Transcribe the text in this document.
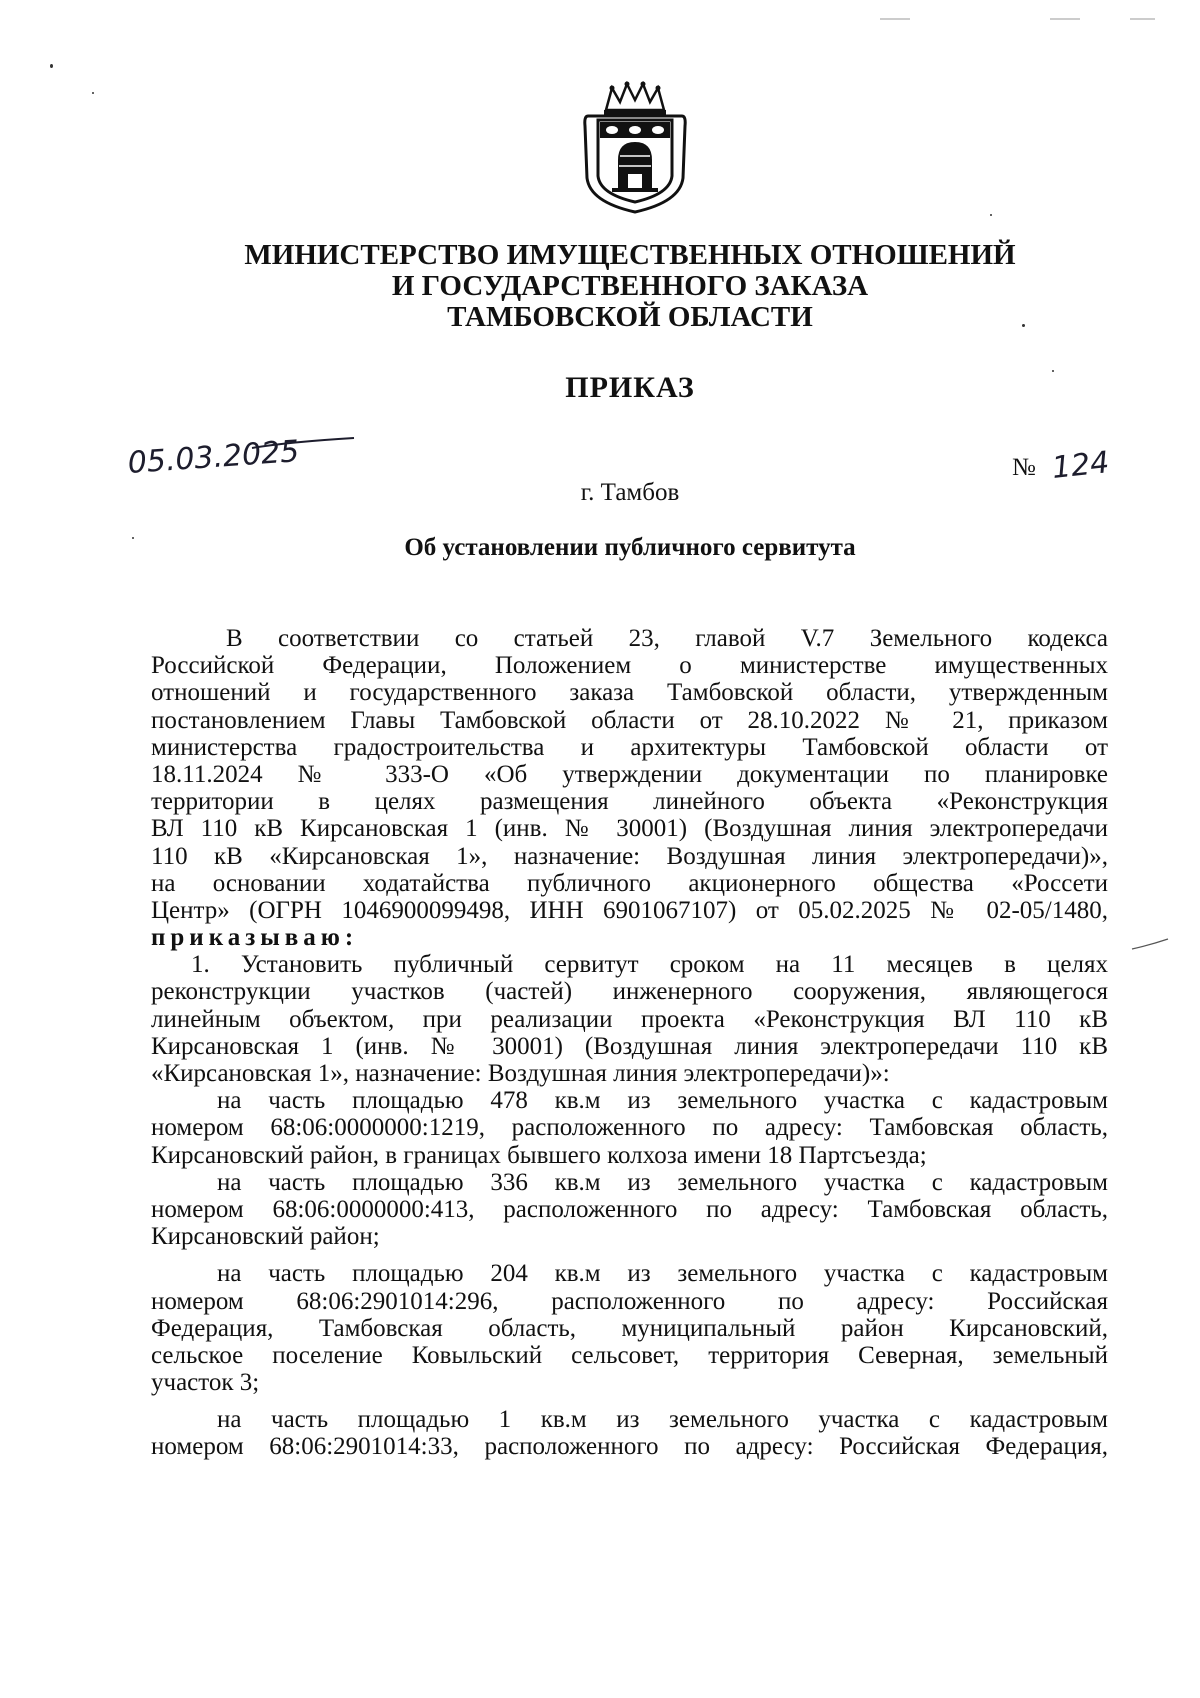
МИНИСТЕРСТВО ИМУЩЕСТВЕННЫХ ОТНОШЕНИЙ
И ГОСУДАРСТВЕННОГО ЗАКАЗА
ТАМБОВСКОЙ ОБЛАСТИ
ПРИКАЗ
05.03.2025	№ 124
г. Тамбов
Об установлении публичного сервитута
В соответствии со статьей 23, главой V.7 Земельного кодекса
Российской Федерации, Положением о министерстве имущественных
отношений и государственного заказа Тамбовской области, утвержденным
постановлением Главы Тамбовской области от 28.10.2022 № 21, приказом
министерства градостроительства и архитектуры Тамбовской области от
18.11.2024 № 333-О «Об утверждении документации по планировке
территории в целях размещения линейного объекта «Реконструкция
ВЛ 110 кВ Кирсановская 1 (инв. № 30001) (Воздушная линия электропередачи
110 кВ «Кирсановская 1», назначение: Воздушная линия электропередачи)»,
на основании ходатайства публичного акционерного общества «Россети
Центр» (ОГРН 1046900099498, ИНН 6901067107) от 05.02.2025 № 02-05/1480,
приказываю:
1. Установить публичный сервитут сроком на 11 месяцев в целях
реконструкции участков (частей) инженерного сооружения, являющегося
линейным объектом, при реализации проекта «Реконструкция ВЛ 110 кВ
Кирсановская 1 (инв. № 30001) (Воздушная линия электропередачи 110 кВ
«Кирсановская 1», назначение: Воздушная линия электропередачи)»:
на часть площадью 478 кв.м из земельного участка с кадастровым
номером 68:06:0000000:1219, расположенного по адресу: Тамбовская область,
Кирсановский район, в границах бывшего колхоза имени 18 Партсъезда;
на часть площадью 336 кв.м из земельного участка с кадастровым
номером 68:06:0000000:413, расположенного по адресу: Тамбовская область,
Кирсановский район;
на часть площадью 204 кв.м из земельного участка с кадастровым
номером 68:06:2901014:296, расположенного по адресу: Российская
Федерация, Тамбовская область, муниципальный район Кирсановский,
сельское поселение Ковыльский сельсовет, территория Северная, земельный
участок 3;
на часть площадью 1 кв.м из земельного участка с кадастровым
номером 68:06:2901014:33, расположенного по адресу: Российская Федерация,
